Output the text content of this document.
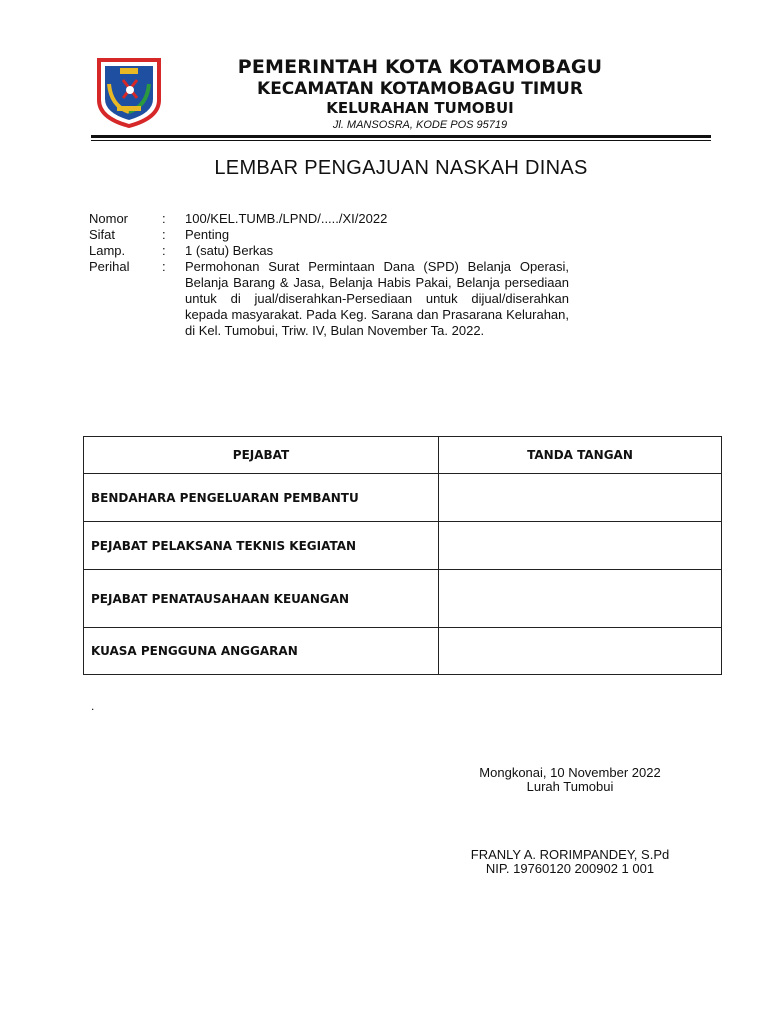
PEMERINTAH KOTA KOTAMOBAGU
KECAMATAN KOTAMOBAGU TIMUR
KELURAHAN TUMOBUI
Jl. MANSOSRA, KODE POS 95719
LEMBAR PENGAJUAN NASKAH DINAS
Nomor	:	100/KEL.TUMB./LPND/...../XI/2022
Sifat	:	Penting
Lamp.	:	1 (satu) Berkas
Perihal	:	Permohonan Surat Permintaan Dana (SPD) Belanja Operasi, Belanja Barang & Jasa, Belanja Habis Pakai, Belanja persediaan untuk di jual/diserahkan-Persediaan untuk dijual/diserahkan kepada masyarakat. Pada Keg. Sarana dan Prasarana Kelurahan, di Kel. Tumobui, Triw. IV, Bulan November Ta. 2022.
PEJABAT	TANDA TANGAN
BENDAHARA PENGELUARAN PEMBANTU	
PEJABAT PELAKSANA TEKNIS KEGIATAN	
PEJABAT PENATAUSAHAAN KEUANGAN	
KUASA PENGGUNA ANGGARAN	
.
Mongkonai, 10 November 2022
Lurah Tumobui
FRANLY A. RORIMPANDEY, S.Pd
NIP. 19760120 200902 1 001
